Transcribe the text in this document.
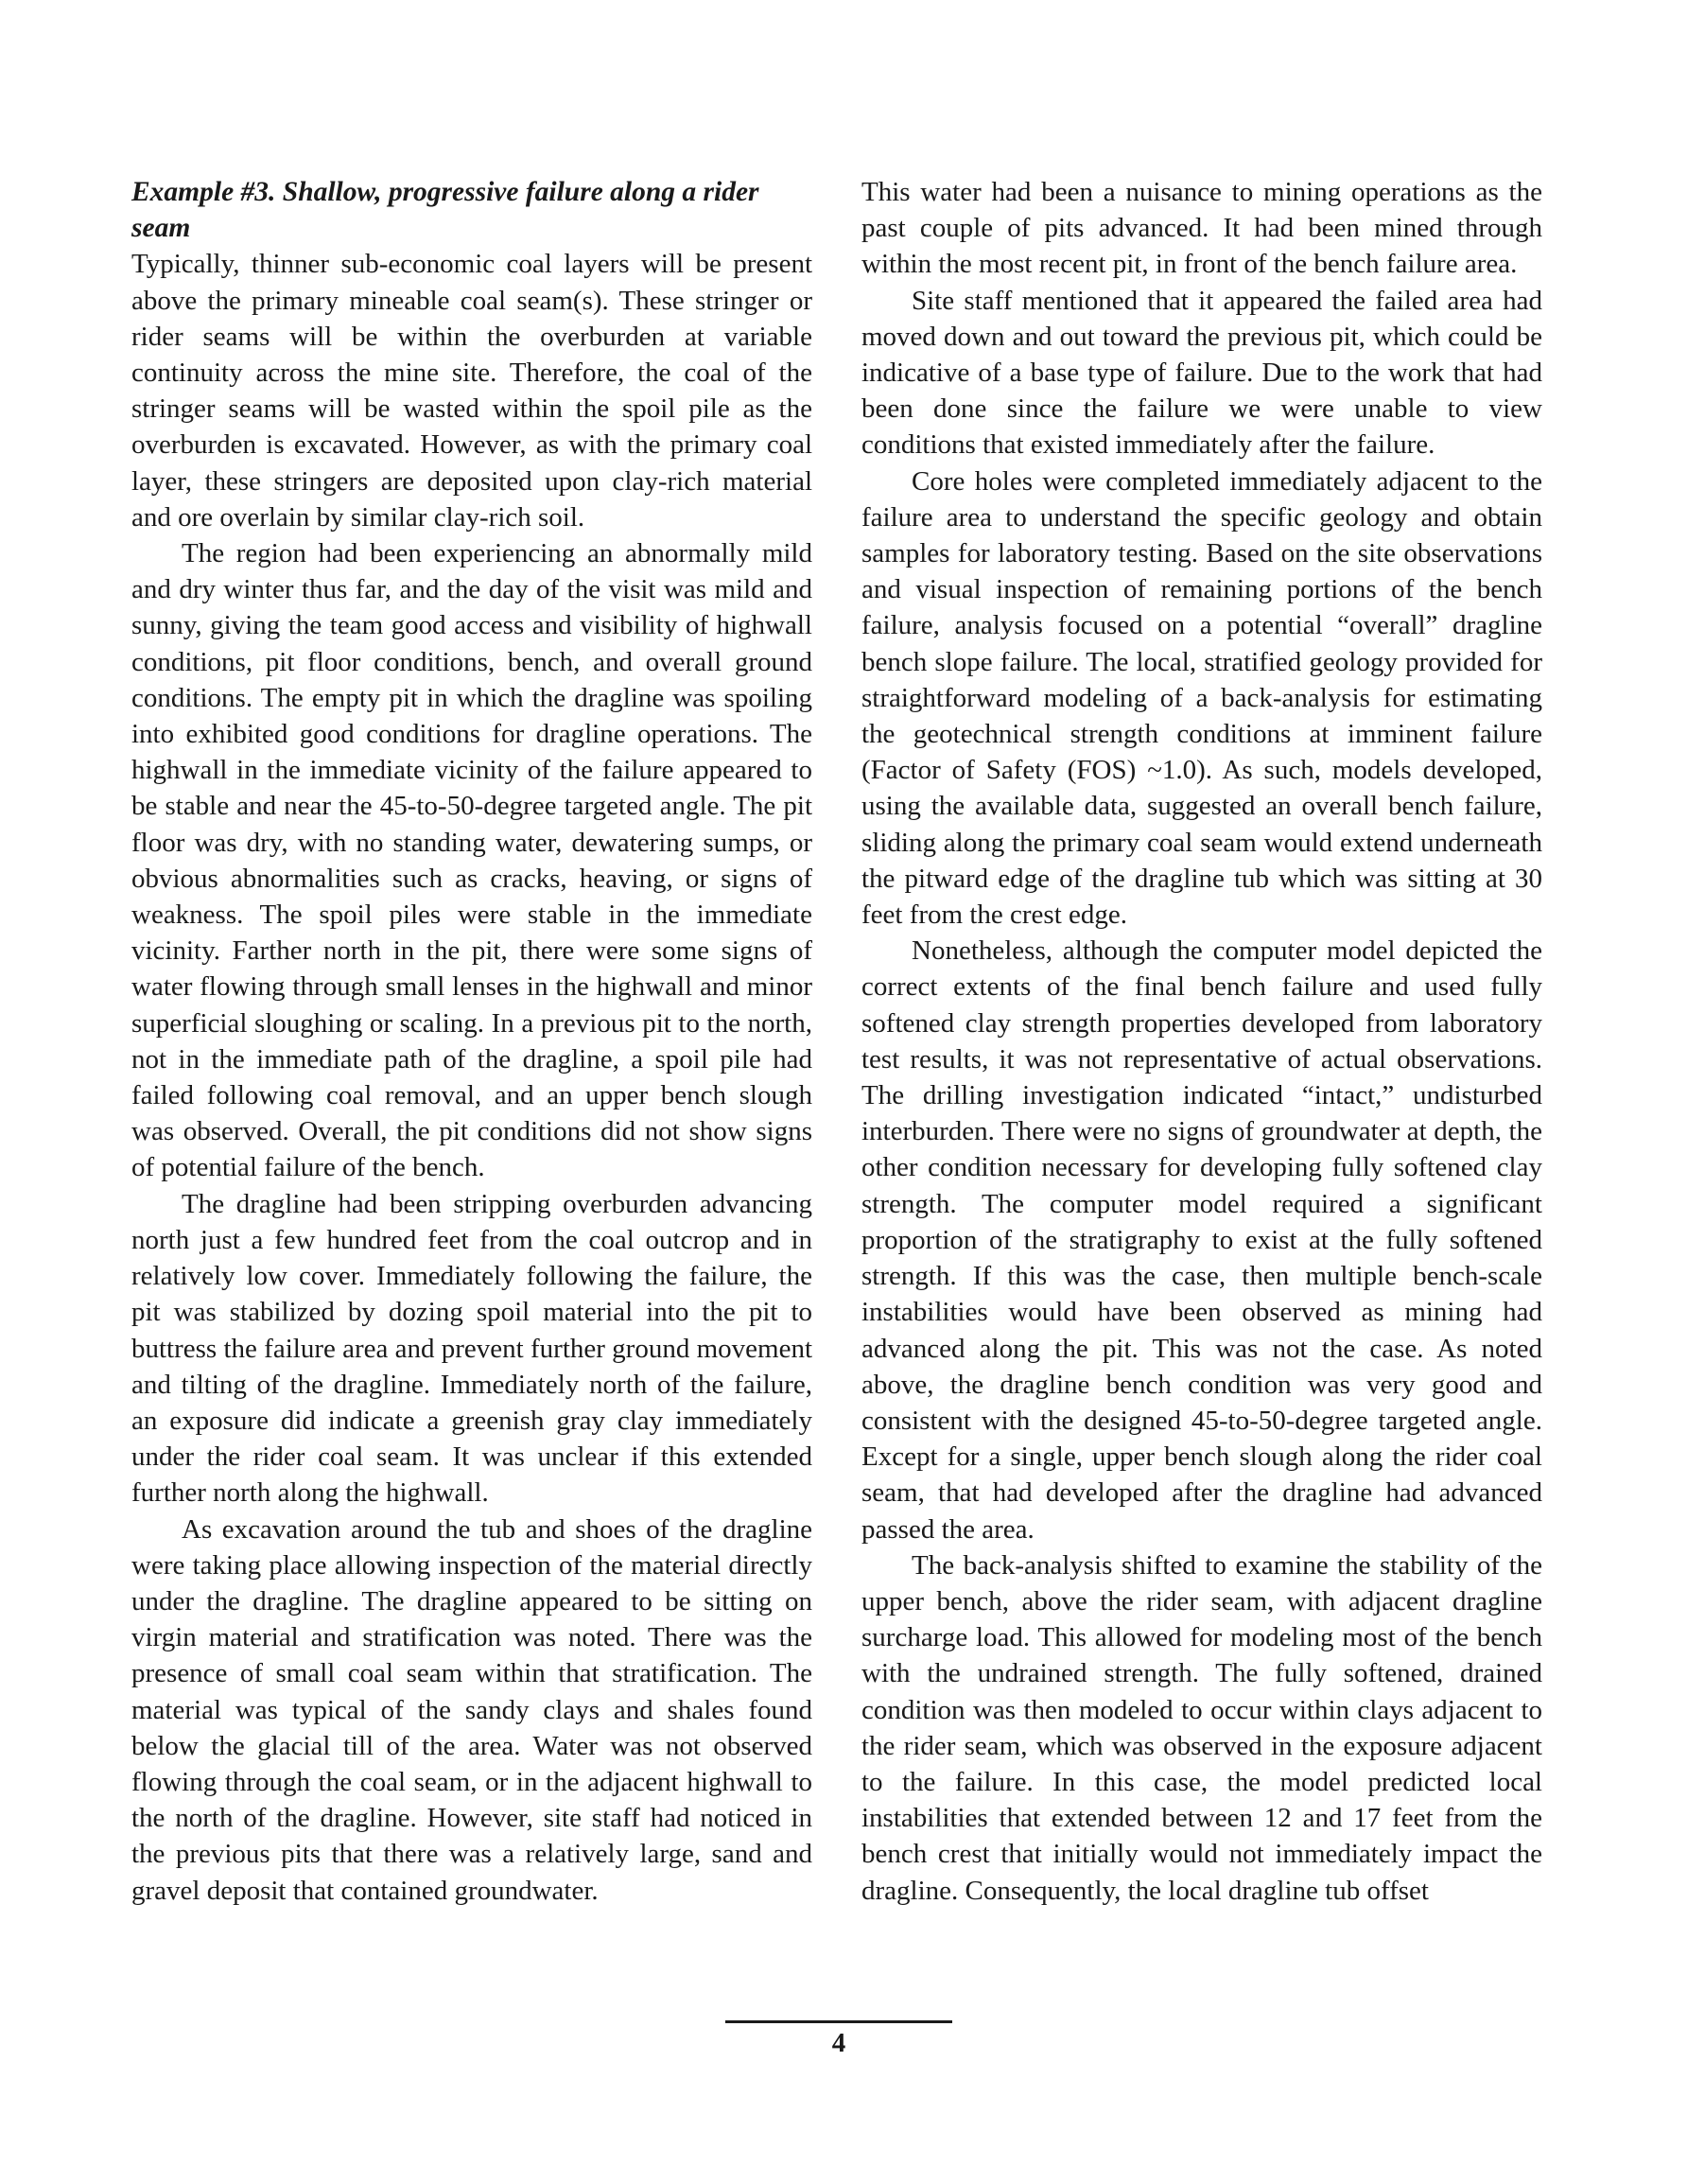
Example #3. Shallow, progressive failure along a rider seam

Typically, thinner sub-economic coal layers will be present above the primary mineable coal seam(s). These stringer or rider seams will be within the overburden at variable continuity across the mine site. Therefore, the coal of the stringer seams will be wasted within the spoil pile as the overburden is excavated. However, as with the primary coal layer, these stringers are deposited upon clay-rich material and ore overlain by similar clay-rich soil.

The region had been experiencing an abnormally mild and dry winter thus far, and the day of the visit was mild and sunny, giving the team good access and visibility of highwall conditions, pit floor conditions, bench, and overall ground conditions. The empty pit in which the dragline was spoiling into exhibited good conditions for dragline operations. The highwall in the immediate vicinity of the failure appeared to be stable and near the 45-to-50-degree targeted angle. The pit floor was dry, with no standing water, dewatering sumps, or obvious abnormalities such as cracks, heaving, or signs of weakness. The spoil piles were stable in the immediate vicinity. Farther north in the pit, there were some signs of water flowing through small lenses in the highwall and minor superficial sloughing or scaling. In a previous pit to the north, not in the immediate path of the dragline, a spoil pile had failed following coal removal, and an upper bench slough was observed. Overall, the pit conditions did not show signs of potential failure of the bench.

The dragline had been stripping overburden advancing north just a few hundred feet from the coal outcrop and in relatively low cover. Immediately following the failure, the pit was stabilized by dozing spoil material into the pit to buttress the failure area and prevent further ground movement and tilting of the dragline. Immediately north of the failure, an exposure did indicate a greenish gray clay immediately under the rider coal seam. It was unclear if this extended further north along the highwall.

As excavation around the tub and shoes of the dragline were taking place allowing inspection of the material directly under the dragline. The dragline appeared to be sitting on virgin material and stratification was noted. There was the presence of small coal seam within that stratification. The material was typical of the sandy clays and shales found below the glacial till of the area. Water was not observed flowing through the coal seam, or in the adjacent highwall to the north of the dragline. However, site staff had noticed in the previous pits that there was a relatively large, sand and gravel deposit that contained groundwater.

This water had been a nuisance to mining operations as the past couple of pits advanced. It had been mined through within the most recent pit, in front of the bench failure area.

Site staff mentioned that it appeared the failed area had moved down and out toward the previous pit, which could be indicative of a base type of failure. Due to the work that had been done since the failure we were unable to view conditions that existed immediately after the failure.

Core holes were completed immediately adjacent to the failure area to understand the specific geology and obtain samples for laboratory testing. Based on the site observations and visual inspection of remaining portions of the bench failure, analysis focused on a potential “overall” dragline bench slope failure. The local, stratified geology provided for straightforward modeling of a back-analysis for estimating the geotechnical strength conditions at imminent failure (Factor of Safety (FOS) ~1.0). As such, models developed, using the available data, suggested an overall bench failure, sliding along the primary coal seam would extend underneath the pitward edge of the dragline tub which was sitting at 30 feet from the crest edge.

Nonetheless, although the computer model depicted the correct extents of the final bench failure and used fully softened clay strength properties developed from laboratory test results, it was not representative of actual observations. The drilling investigation indicated “intact,” undisturbed interburden. There were no signs of groundwater at depth, the other condition necessary for developing fully softened clay strength. The computer model required a significant proportion of the stratigraphy to exist at the fully softened strength. If this was the case, then multiple bench-scale instabilities would have been observed as mining had advanced along the pit. This was not the case. As noted above, the dragline bench condition was very good and consistent with the designed 45-to-50-degree targeted angle. Except for a single, upper bench slough along the rider coal seam, that had developed after the dragline had advanced passed the area.

The back-analysis shifted to examine the stability of the upper bench, above the rider seam, with adjacent dragline surcharge load. This allowed for modeling most of the bench with the undrained strength. The fully softened, drained condition was then modeled to occur within clays adjacent to the rider seam, which was observed in the exposure adjacent to the failure. In this case, the model predicted local instabilities that extended between 12 and 17 feet from the bench crest that initially would not immediately impact the dragline. Consequently, the local dragline tub offset

4
